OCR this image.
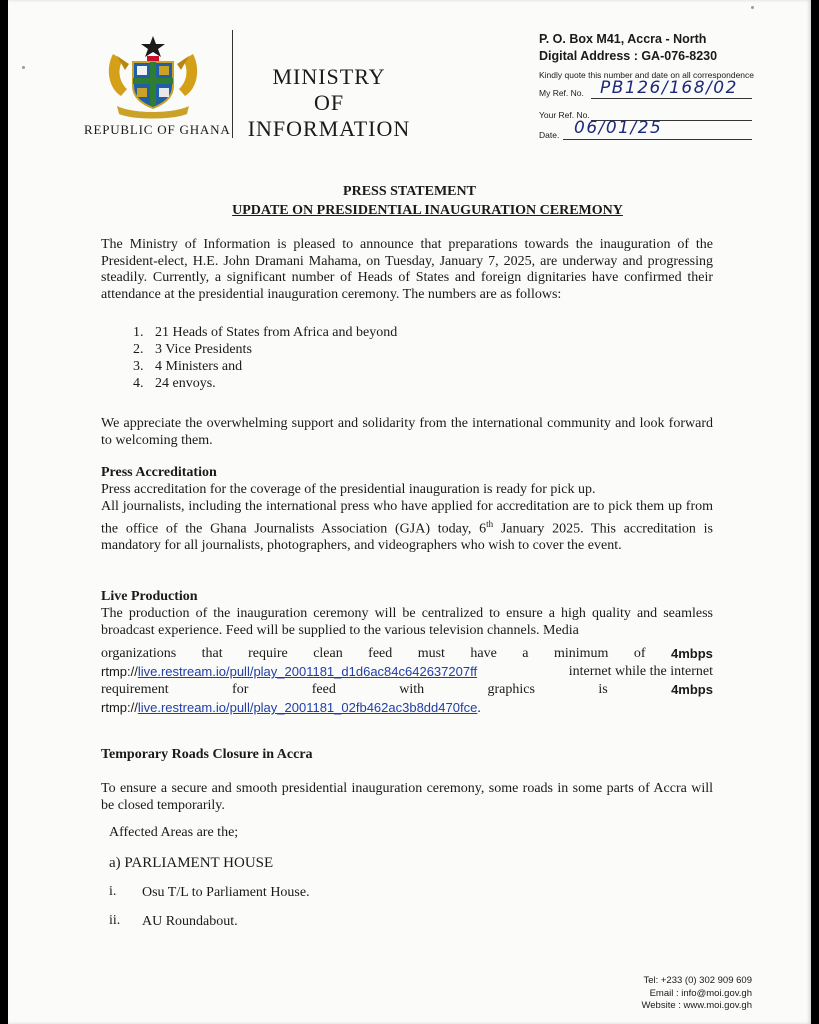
REPUBLIC OF GHANA
MINISTRY
OF
INFORMATION
P. O. Box M41, Accra - North
Digital Address : GA-076-8230
Kindly quote this number and date on all correspondence
My Ref. No. PB126/168/02
Your Ref. No.
Date. 06/01/25
PRESS STATEMENT
UPDATE ON PRESIDENTIAL INAUGURATION CEREMONY
The Ministry of Information is pleased to announce that preparations towards the inauguration of the President-elect, H.E. John Dramani Mahama, on Tuesday, January 7, 2025, are underway and progressing steadily. Currently, a significant number of Heads of States and foreign dignitaries have confirmed their attendance at the presidential inauguration ceremony. The numbers are as follows:
1. 21 Heads of States from Africa and beyond
2. 3 Vice Presidents
3. 4 Ministers and
4. 24 envoys.
We appreciate the overwhelming support and solidarity from the international community and look forward to welcoming them.
Press Accreditation
Press accreditation for the coverage of the presidential inauguration is ready for pick up.
All journalists, including the international press who have applied for accreditation are to pick them up from the office of the Ghana Journalists Association (GJA) today, 6th January 2025. This accreditation is mandatory for all journalists, photographers, and videographers who wish to cover the event.
Live Production
The production of the inauguration ceremony will be centralized to ensure a high quality and seamless broadcast experience. Feed will be supplied to the various television channels. Media
organizations that require clean feed must have a minimum of 4mbps
rtmp://live.restream.io/pull/play_2001181_d1d6ac84c642637207ff	internet while the internet
requirement	for	feed	with	graphics	is	4mbps
rtmp://live.restream.io/pull/play_2001181_02fb462ac3b8dd470fce.
Temporary Roads Closure in Accra
To ensure a secure and smooth presidential inauguration ceremony, some roads in some parts of Accra will be closed temporarily.
Affected Areas are the;
a) PARLIAMENT HOUSE
i. Osu T/L to Parliament House.
ii. AU Roundabout.
Tel: +233 (0) 302 909 609
Email : info@moi.gov.gh
Website : www.moi.gov.gh
